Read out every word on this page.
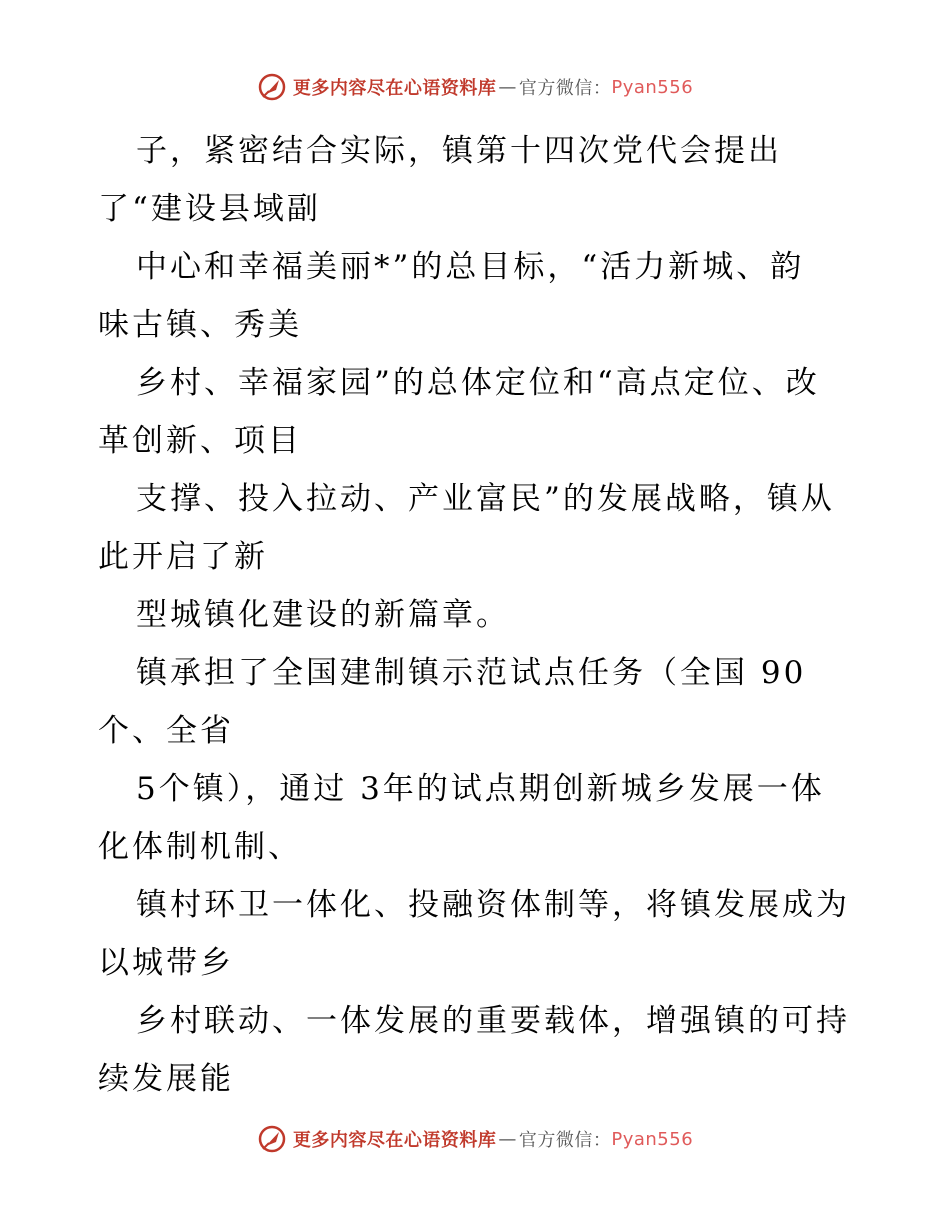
更多内容尽在心语资料库 — 官方微信： Pyan556
子，紧密结合实际，镇第十四次党代会提出
了“建设县域副
中心和幸福美丽*”的总目标，“活力新城、韵
味古镇、秀美
乡村、幸福家园”的总体定位和“高点定位、改
革创新、项目
支撑、投入拉动、产业富民”的发展战略，镇从
此开启了新
型城镇化建设的新篇章。
镇承担了全国建制镇示范试点任务（全国 90
个、全省
5个镇），通过 3年的试点期创新城乡发展一体
化体制机制、
镇村环卫一体化、投融资体制等，将镇发展成为
以城带乡
乡村联动、一体发展的重要载体，增强镇的可持
续发展能
更多内容尽在心语资料库 — 官方微信： Pyan556
